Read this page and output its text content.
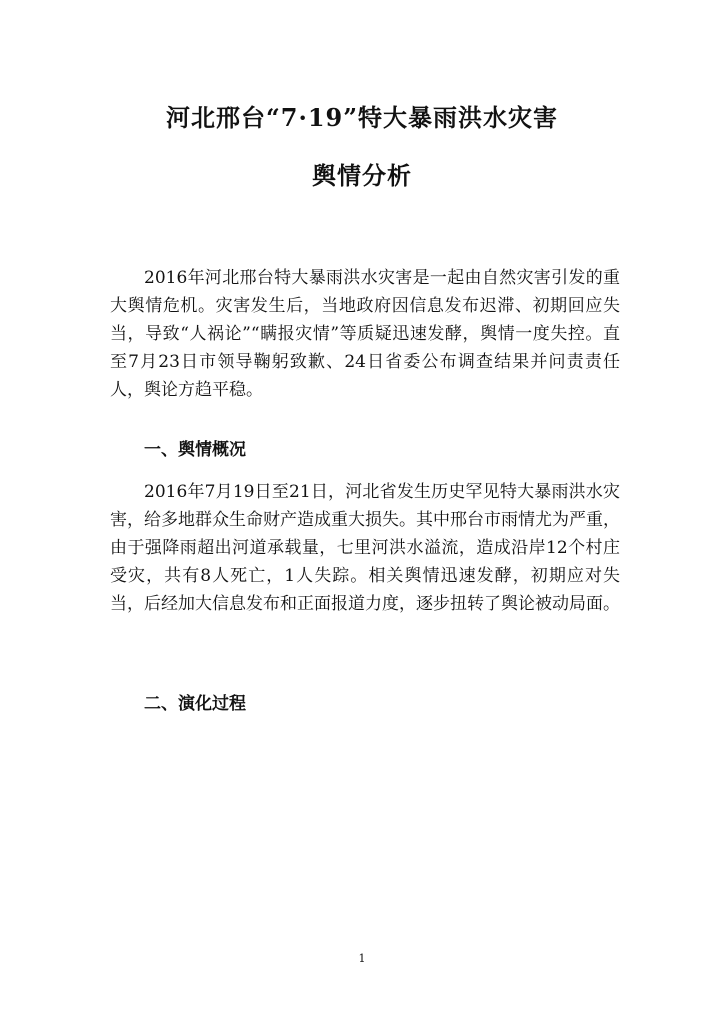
河北邢台“7·19”特大暴雨洪水灾害
舆情分析

2016年河北邢台特大暴雨洪水灾害是一起由自然灾害引发的重大舆情危机。灾害发生后，当地政府因信息发布迟滞、初期回应失当，导致“人祸论”“瞒报灾情”等质疑迅速发酵，舆情一度失控。直至7月23日市领导鞠躬致歉、24日省委公布调查结果并问责责任人，舆论方趋平稳。

一、舆情概况

2016年7月19日至21日，河北省发生历史罕见特大暴雨洪水灾害，给多地群众生命财产造成重大损失。其中邢台市雨情尤为严重，由于强降雨超出河道承载量，七里河洪水溢流，造成沿岸12个村庄受灾，共有8人死亡，1人失踪。相关舆情迅速发酵，初期应对失当，后经加大信息发布和正面报道力度，逐步扭转了舆论被动局面。

二、演化过程
1
